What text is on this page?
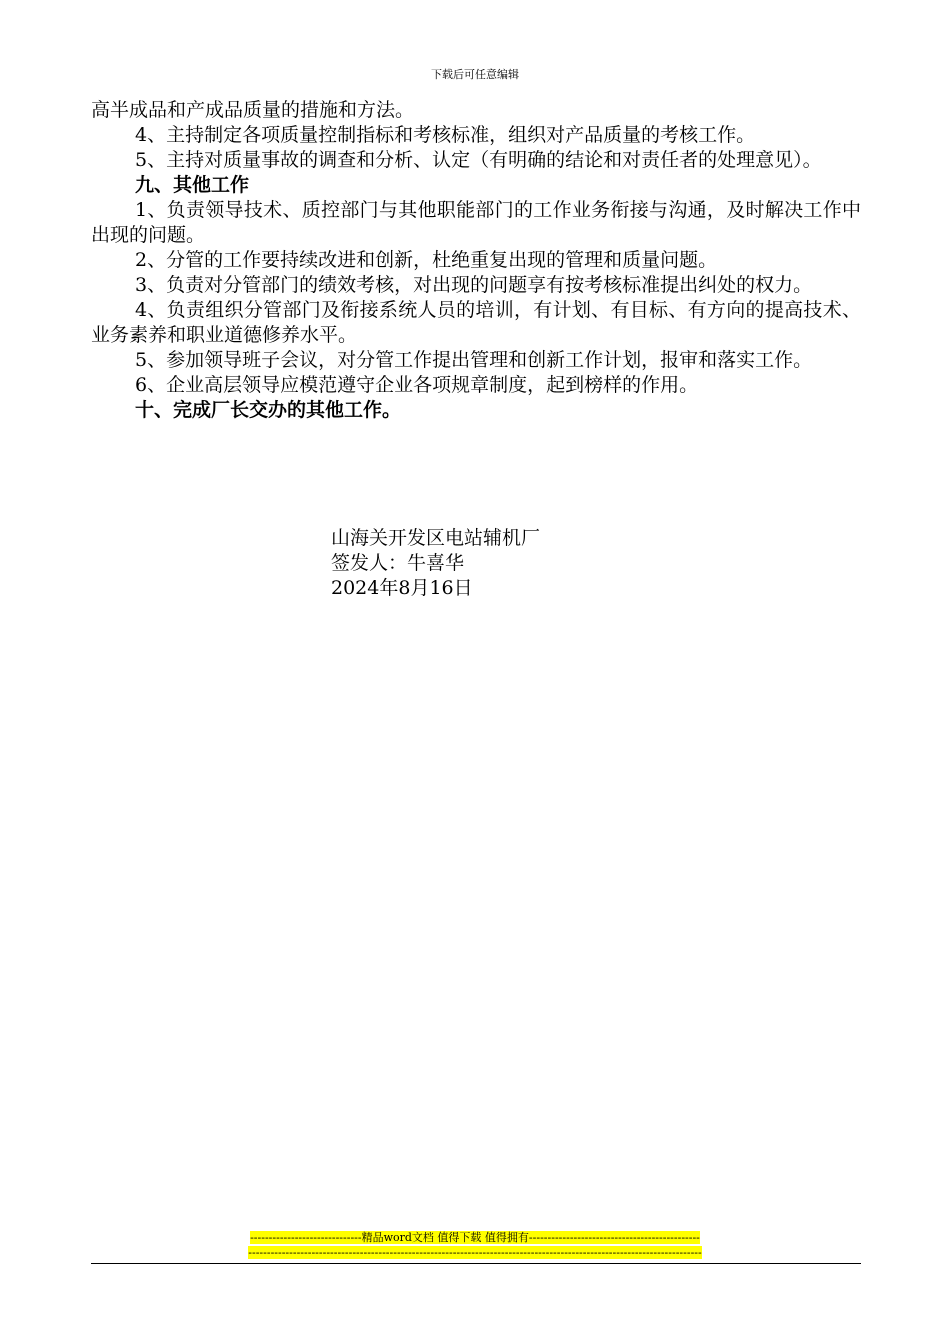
下载后可任意编辑

高半成品和产成品质量的措施和方法。

4、主持制定各项质量控制指标和考核标准，组织对产品质量的考核工作。

5、主持对质量事故的调查和分析、认定（有明确的结论和对责任者的处理意见）。

九、其他工作

1、负责领导技术、质控部门与其他职能部门的工作业务衔接与沟通，及时解决工作中出现的问题。

2、分管的工作要持续改进和创新，杜绝重复出现的管理和质量问题。

3、负责对分管部门的绩效考核，对出现的问题享有按考核标准提出纠处的权力。

4、负责组织分管部门及衔接系统人员的培训，有计划、有目标、有方向的提高技术、业务素养和职业道德修养水平。

5、参加领导班子会议，对分管工作提出管理和创新工作计划，报审和落实工作。

6、企业高层领导应模范遵守企业各项规章制度，起到榜样的作用。

十、完成厂长交办的其他工作。

山海关开发区电站辅机厂
签发人：牛喜华
2024年8月16日
------------------------------精品word文档 值得下载 值得拥有----------------------------------------------
--------------------------------------------------------------------------------------------------------------------------
